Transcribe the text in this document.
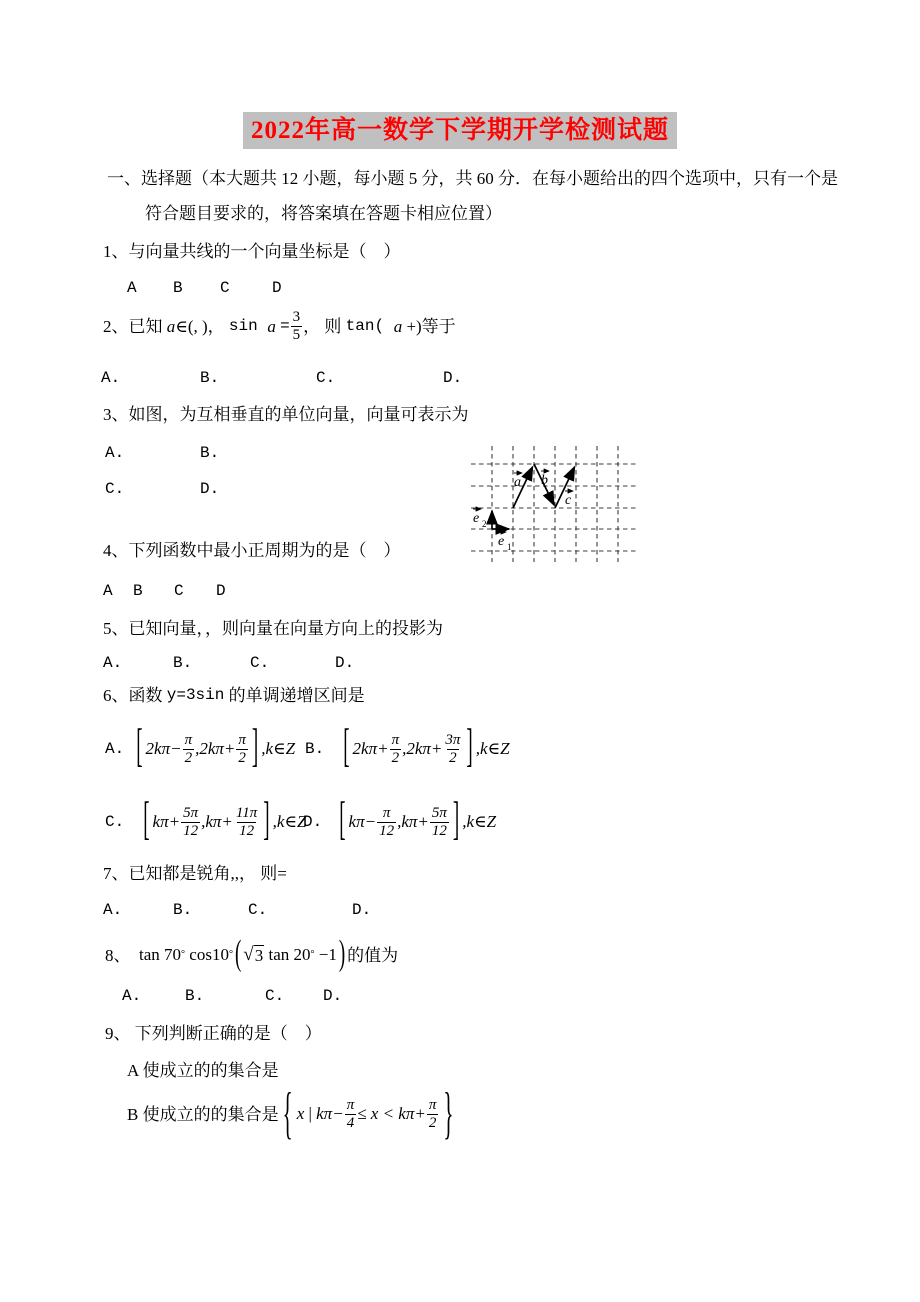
2022年高一数学下学期开学检测试题
一、选择题（本大题共 12 小题，每小题 5 分，共 60 分．在每小题给出的四个选项中，只有一个是
符合题目要求的，将答案填在答题卡相应位置）
1、与向量共线的一个向量坐标是（　）
A B C	D
2、已知 a ∈(, )， $\sin a = \frac{3}{5}$ ， 则 tan( a +)等于
A.	B.	C.	D.
3、如图，为互相垂直的单位向量，向量可表示为
A.	B.
C.	D.

	a b
c
e 2
e 1

4、下列函数中最小正周期为的是（　）
A B C D
5、已知向量，，则向量在向量方向上的投影为
A.	B.	C.	D.
6、函数 y=3sin 的单调递增区间是

A. [ $2k\pi- \frac{\pi}{2} ,2k\pi+ \frac{\pi}{2}$ ] ,k∈Z

B. [ $2k\pi+ \frac{\pi}{2} ,2k\pi+ \frac{3\pi}{2}$ ] ,k∈Z

C. [ $k\pi+ \frac{5\pi}{12} ,k\pi+ \frac{11\pi}{12}$ ] ,k∈Z

D. [ $k\pi- \frac{\pi}{12} ,k\pi+ \frac{5\pi}{12}$ ] ,k∈Z

7、已知都是锐角,,， 则=
A.	B.	C.	D.
8、 tan 70 ° cos10 ° ( √ 3 tan 20 ° −1 ) 的值为
A.	B.	C. D.
9、 下列判断正确的是（　）
A 使成立的的集合是
B 使成立的的集合是 { x | $k\pi- \frac{\pi}{4} \le x < k\pi+ \frac{\pi}{2}$ }
